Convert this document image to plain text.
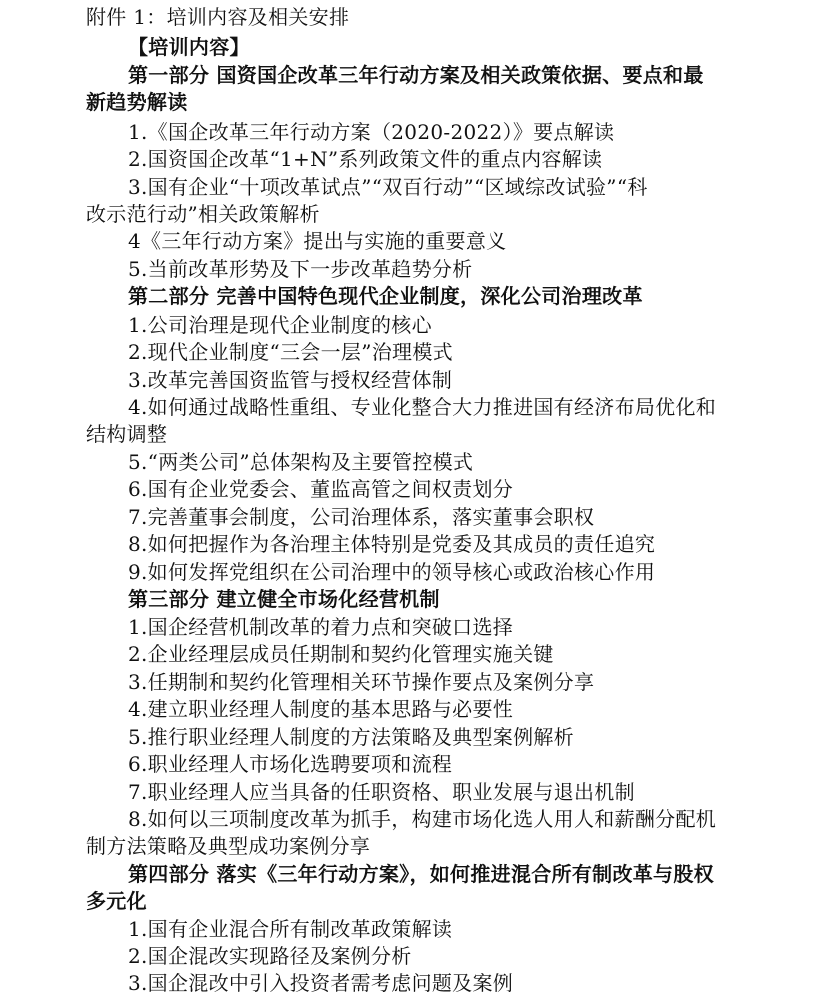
附件 1：培训内容及相关安排
【培训内容】
第一部分 国资国企改革三年行动方案及相关政策依据、要点和最
新趋势解读
1.《国企改革三年行动方案（2020-2022）》要点解读
2.国资国企改革“1+N”系列政策文件的重点内容解读
3.国有企业“十项改革试点”“双百行动”“区域综改试验”“科
改示范行动”相关政策解析
4《三年行动方案》提出与实施的重要意义
5.当前改革形势及下一步改革趋势分析
第二部分 完善中国特色现代企业制度，深化公司治理改革
1.公司治理是现代企业制度的核心
2.现代企业制度“三会一层”治理模式
3.改革完善国资监管与授权经营体制
4.如何通过战略性重组、专业化整合大力推进国有经济布局优化和
结构调整
5.“两类公司”总体架构及主要管控模式
6.国有企业党委会、董监高管之间权责划分
7.完善董事会制度，公司治理体系，落实董事会职权
8.如何把握作为各治理主体特别是党委及其成员的责任追究
9.如何发挥党组织在公司治理中的领导核心或政治核心作用
第三部分 建立健全市场化经营机制
1.国企经营机制改革的着力点和突破口选择
2.企业经理层成员任期制和契约化管理实施关键
3.任期制和契约化管理相关环节操作要点及案例分享
4.建立职业经理人制度的基本思路与必要性
5.推行职业经理人制度的方法策略及典型案例解析
6.职业经理人市场化选聘要项和流程
7.职业经理人应当具备的任职资格、职业发展与退出机制
8.如何以三项制度改革为抓手，构建市场化选人用人和薪酬分配机
制方法策略及典型成功案例分享
第四部分 落实《三年行动方案》，如何推进混合所有制改革与股权
多元化
1.国有企业混合所有制改革政策解读
2.国企混改实现路径及案例分析
3.国企混改中引入投资者需考虑问题及案例
